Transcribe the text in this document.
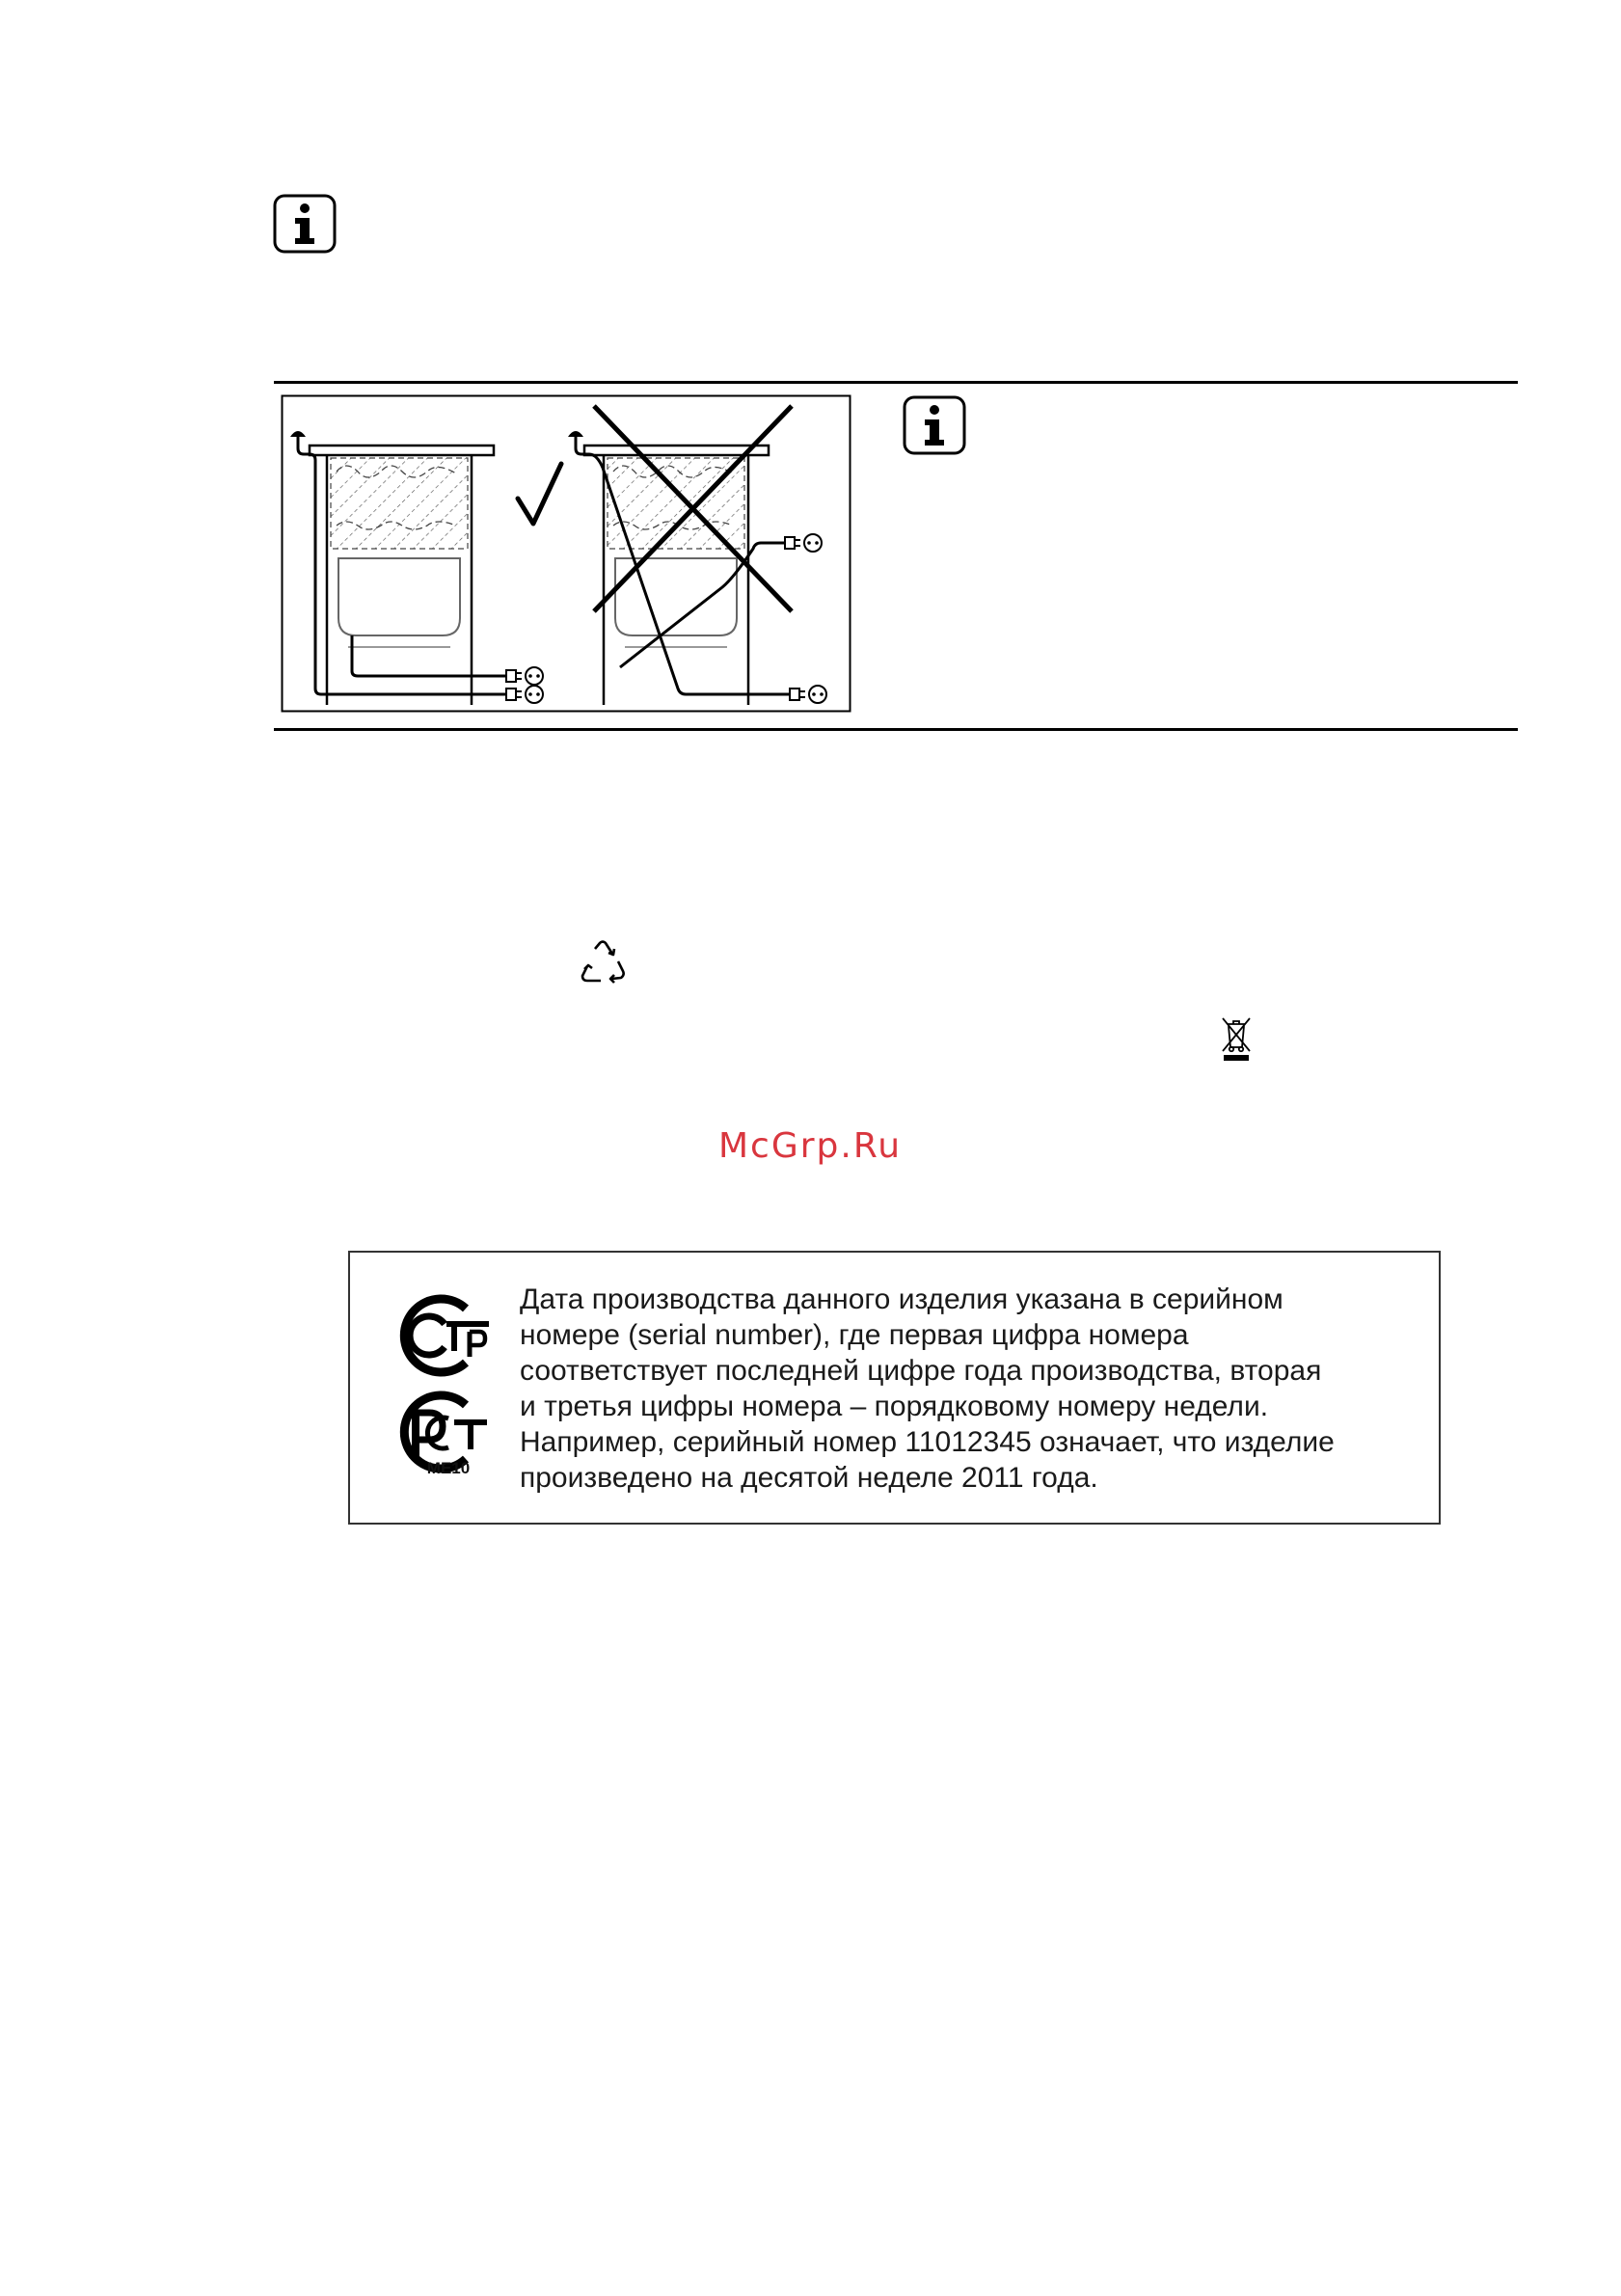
McGrp.Ru
Дата производства данного изделия указана в серийном
номере (serial number), где первая цифра номера
соответствует последней цифре года производства, вторая
и третья цифры номера – порядковому номеру недели.
Например, серийный номер 11012345 означает, что изделие
произведено на десятой неделе 2011 года.
ME10
